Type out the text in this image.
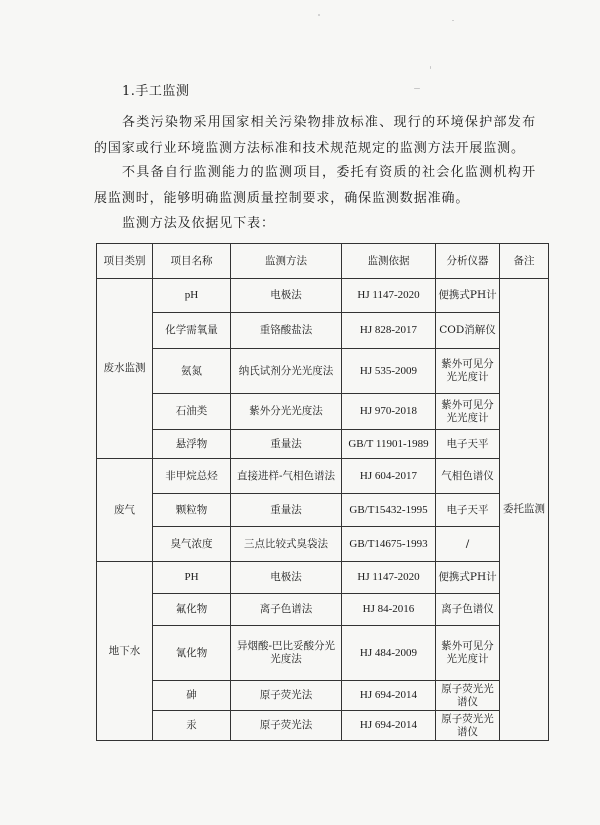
1.手工监测
各类污染物采用国家相关污染物排放标准、现行的环境保护部发布的国家或行业环境监测方法标准和技术规范规定的监测方法开展监测。
不具备自行监测能力的监测项目，委托有资质的社会化监测机构开展监测时，能够明确监测质量控制要求，确保监测数据准确。
监测方法及依据见下表：
项目类别	项目名称	监测方法	监测依据	分析仪器	备注
废水监测	pH	电极法	HJ 1147-2020	便携式PH计	委托监测
	化学需氧量	重铬酸盐法	HJ 828-2017	COD消解仪	
	氨氮	纳氏试剂分光光度法	HJ 535-2009	紫外可见分光光度计	
	石油类	紫外分光光度法	HJ 970-2018	紫外可见分光光度计	
	悬浮物	重量法	GB/T 11901-1989	电子天平	
废气	非甲烷总烃	直接进样-气相色谱法	HJ 604-2017	气相色谱仪	
	颗粒物	重量法	GB/T15432-1995	电子天平	
	臭气浓度	三点比较式臭袋法	GB/T14675-1993	/	
地下水	PH	电极法	HJ 1147-2020	便携式PH计	
	氟化物	离子色谱法	HJ 84-2016	离子色谱仪	
	氰化物	异烟酸-巴比妥酸分光光度法	HJ 484-2009	紫外可见分光光度计	
	砷	原子荧光法	HJ 694-2014	原子荧光光谱仪	
	汞	原子荧光法	HJ 694-2014	原子荧光光谱仪	
